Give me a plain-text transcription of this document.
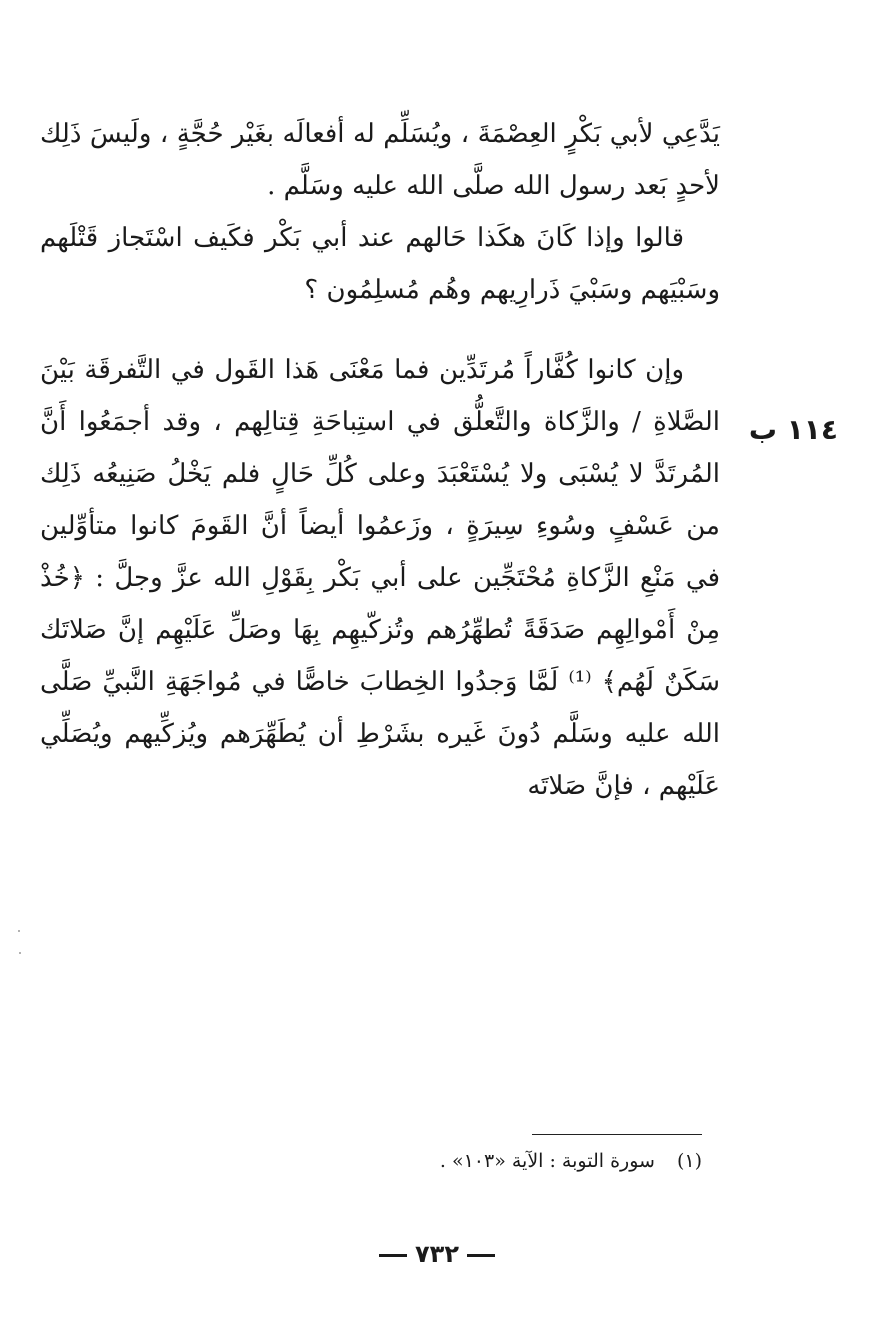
يَدَّعِي لأبي بَكْرٍ العِصْمَةَ ، ويُسَلِّم له أفعالَه بغَيْر حُجَّةٍ ، ولَيسَ ذَلِك لأحدٍ بَعد رسول الله صلَّى الله عليه وسَلَّم .

قالوا وإذا كَانَ هكَذا حَالهم عند أبي بَكْر فكَيف اسْتَجاز قَتْلَهم وسَبْيَهم وسَبْيَ ذَرارِيهم وهُم مُسلِمُون ؟

وإن كانوا كُفَّاراً مُرتَدِّين فما مَعْنَى هَذا القَول في التَّفرقَة بَيْنَ الصَّلاةِ / والزَّكاة والتَّعلُّق في استِباحَةِ قِتالِهم ، وقد أجمَعُوا أَنَّ المُرتَدَّ لا يُسْبَى ولا يُسْتَعْبَدَ وعلى كُلِّ حَالٍ فلم يَخْلُ صَنِيعُه ذَلِك من عَسْفٍ وسُوءِ سِيرَةٍ ، وزَعمُوا أيضاً أنَّ القَومَ كانوا متأوِّلين في مَنْعِ الزَّكاةِ مُحْتَجِّين على أبي بَكْر بِقَوْلِ الله عزَّ وجلَّ : ﴿خُذْ مِنْ أَمْوالِهِم صَدَقَةً تُطهِّرُهم وتُزكّيهِم بِهَا وصَلِّ عَلَيْهِم إنَّ صَلاتَك سَكَنٌ لَهُم﴾ ⁽¹⁾ لَمَّا وَجدُوا الخِطابَ خاصًّا في مُواجَهَةِ النَّبيِّ صَلَّى الله عليه وسَلَّم دُونَ غَيره بشَرْطِ أن يُطَهِّرَهم ويُزكِّيهم ويُصَلِّي عَلَيْهم ، فإنَّ صَلاتَه

١١٤ ب
(١)سورة التوبة : الآية «١٠٣» .
٧٣٢
